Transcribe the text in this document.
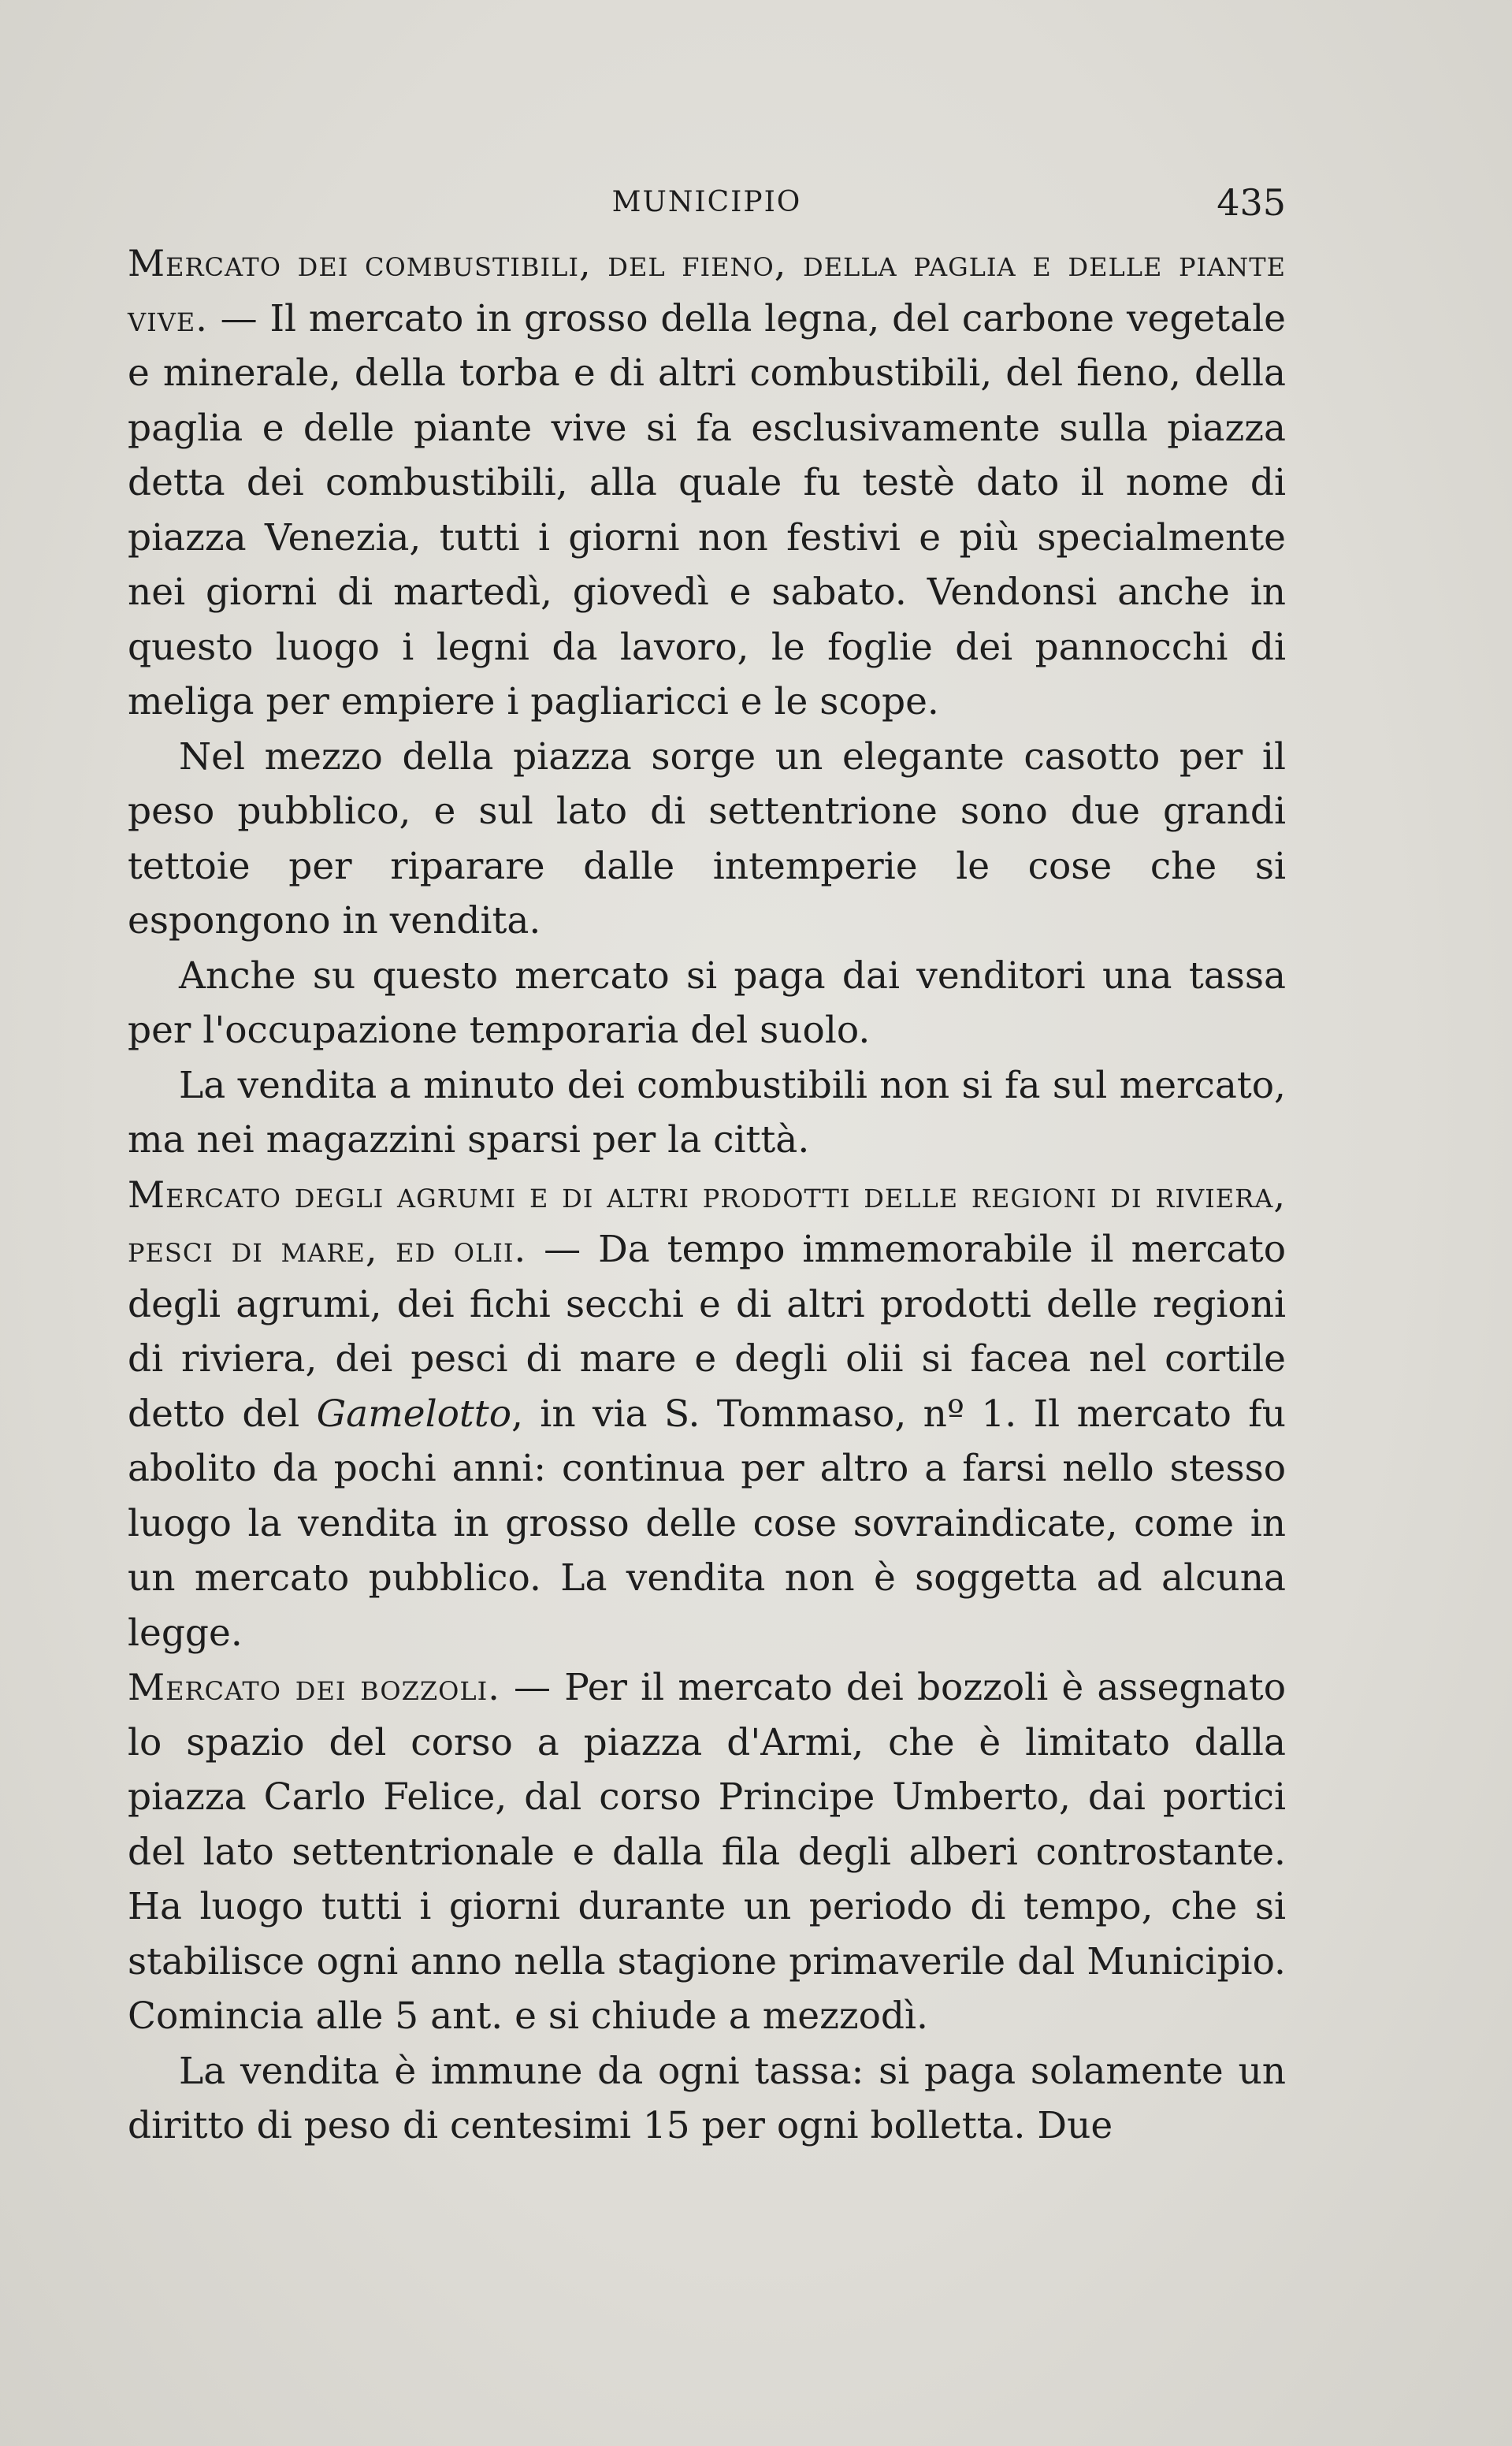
MUNICIPIO	435

Mercato dei combustibili, del fieno, della paglia e delle piante vive. — Il mercato in grosso della legna, del carbone vegetale e minerale, della torba e di altri combustibili, del fieno, della paglia e delle piante vive si fa esclusivamente sulla piazza detta dei combustibili, alla quale fu testè dato il nome di piazza Venezia, tutti i giorni non festivi e più specialmente nei giorni di martedì, giovedì e sabato. Vendonsi anche in questo luogo i legni da lavoro, le foglie dei pannocchi di meliga per empiere i pagliaricci e le scope.

Nel mezzo della piazza sorge un elegante casotto per il peso pubblico, e sul lato di settentrione sono due grandi tettoie per riparare dalle intemperie le cose che si espongono in vendita.

Anche su questo mercato si paga dai venditori una tassa per l'occupazione temporaria del suolo.

La vendita a minuto dei combustibili non si fa sul mercato, ma nei magazzini sparsi per la città.

Mercato degli agrumi e di altri prodotti delle regioni di riviera, pesci di mare, ed olii. — Da tempo immemorabile il mercato degli agrumi, dei fichi secchi e di altri prodotti delle regioni di riviera, dei pesci di mare e degli olii si facea nel cortile detto del Gamelotto, in via S. Tommaso, nº 1. Il mercato fu abolito da pochi anni: continua per altro a farsi nello stesso luogo la vendita in grosso delle cose sovraindicate, come in un mercato pubblico. La vendita non è soggetta ad alcuna legge.

Mercato dei bozzoli. — Per il mercato dei bozzoli è assegnato lo spazio del corso a piazza d'Armi, che è limitato dalla piazza Carlo Felice, dal corso Principe Umberto, dai portici del lato settentrionale e dalla fila degli alberi controstante. Ha luogo tutti i giorni durante un periodo di tempo, che si stabilisce ogni anno nella stagione primaverile dal Municipio. Comincia alle 5 ant. e si chiude a mezzodì.

La vendita è immune da ogni tassa: si paga solamente un diritto di peso di centesimi 15 per ogni bolletta. Due
